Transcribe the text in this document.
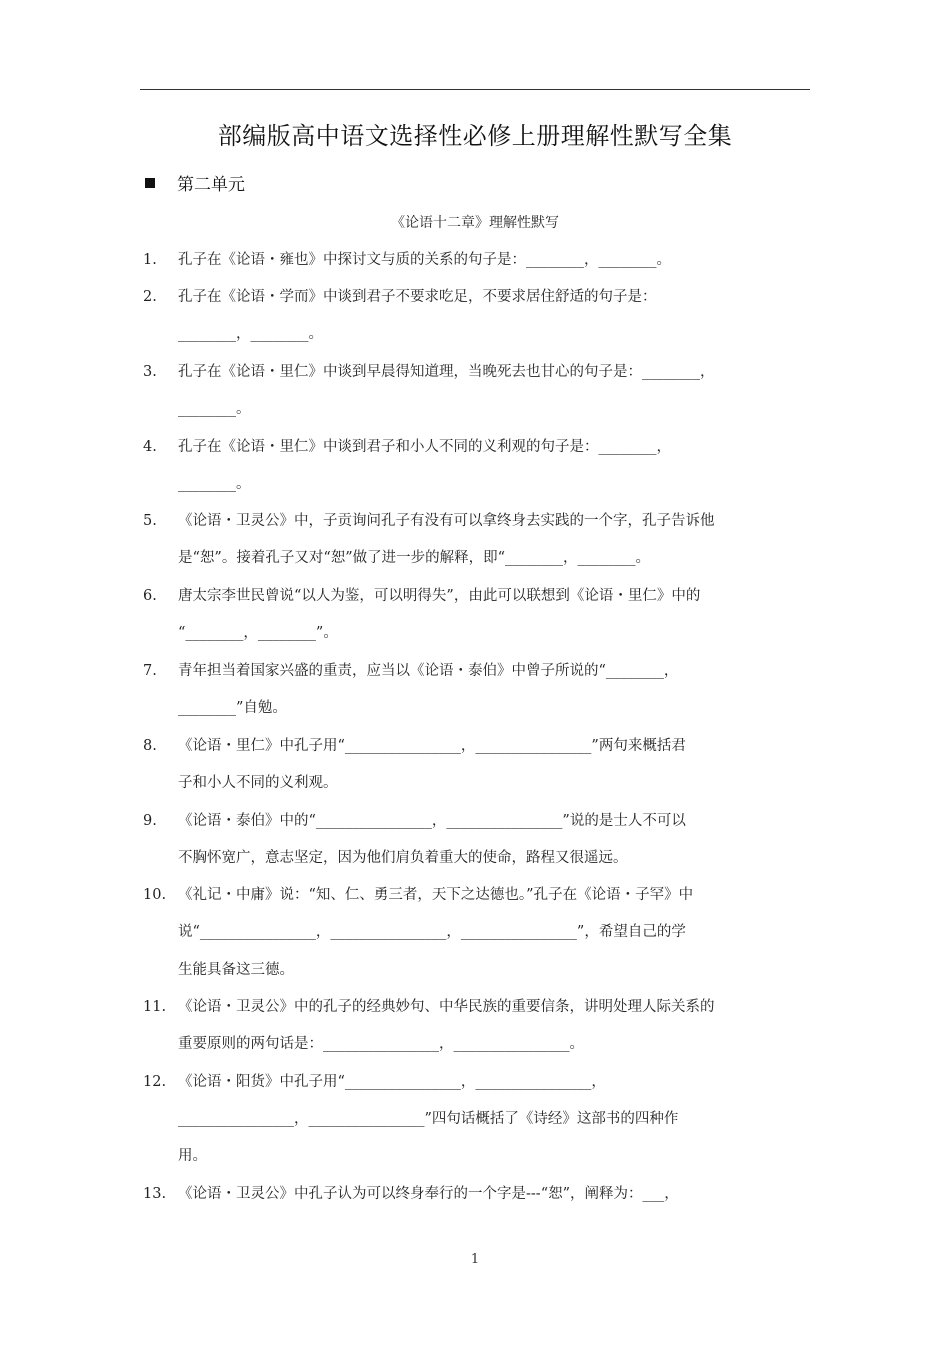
部编版高中语文选择性必修上册理解性默写全集
第二单元
《论语十二章》理解性默写
1.	孔子在《论语・雍也》中探讨文与质的关系的句子是：________，________。
2.	孔子在《论语・学而》中谈到君子不要求吃足，不要求居住舒适的句子是：
________，________。
3.	孔子在《论语・里仁》中谈到早晨得知道理，当晚死去也甘心的句子是：________，
________。
4.	孔子在《论语・里仁》中谈到君子和小人不同的义利观的句子是：________，
________。
5.	《论语・卫灵公》中，子贡询问孔子有没有可以拿终身去实践的一个字，孔子告诉他
是“恕”。接着孔子又对“恕”做了进一步的解释，即“________，________。
6.	唐太宗李世民曾说“以人为鉴，可以明得失”，由此可以联想到《论语・里仁》中的
“________，________”。
7.	青年担当着国家兴盛的重责，应当以《论语・泰伯》中曾子所说的“________，
________”自勉。
8.	《论语・里仁》中孔子用“________________，________________”两句来概括君
子和小人不同的义利观。
9.	《论语・泰伯》中的“________________，________________”说的是士人不可以
不胸怀宽广，意志坚定，因为他们肩负着重大的使命，路程又很遥远。
10. 《礼记・中庸》说：“知、仁、勇三者，天下之达德也。”孔子在《论语・子罕》中
说“________________，________________，________________”，希望自己的学
生能具备这三德。
11. 《论语・卫灵公》中的孔子的经典妙句、中华民族的重要信条，讲明处理人际关系的
重要原则的两句话是：________________，________________。
12. 《论语・阳货》中孔子用“________________，________________，
________________，________________”四句话概括了《诗经》这部书的四种作
用。
13. 《论语・卫灵公》中孔子认为可以终身奉行的一个字是---“恕”，阐释为：___，
1
